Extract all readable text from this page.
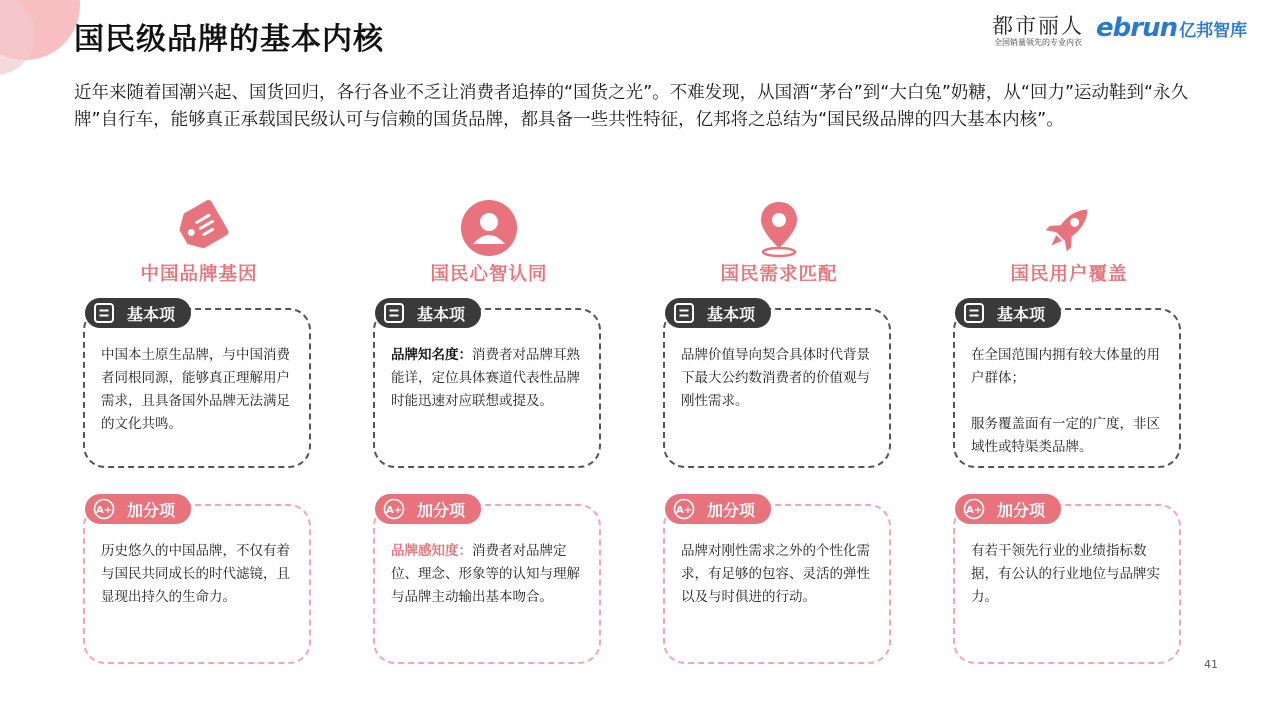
国民级品牌的基本内核	都市丽人
全国销量领先的专业内衣 ebrun 亿邦智库
近年来随着国潮兴起、国货回归，各行各业不乏让消费者追捧的“国货之光”。不难发现，从国酒“茅台”到“大白兔”奶糖，从“回力”运动鞋到“永久牌”自行车，能够真正承载国民级认可与信赖的国货品牌，都具备一些共性特征，亿邦将之总结为“国民级品牌的四大基本内核”。
中国品牌基因
基本项
中国本土原生品牌，与中国消费者同根同源，能够真正理解用户需求，且具备国外品牌无法满足的文化共鸣。
A+ 加分项
历史悠久的中国品牌，不仅有着与国民共同成长的时代滤镜，且显现出持久的生命力。
国民心智认同
基本项
品牌知名度：消费者对品牌耳熟能详，定位具体赛道代表性品牌时能迅速对应联想或提及。
A+ 加分项
品牌感知度：消费者对品牌定位、理念、形象等的认知与理解与品牌主动输出基本吻合。
国民需求匹配
基本项
品牌价值导向契合具体时代背景下最大公约数消费者的价值观与刚性需求。
A+ 加分项
品牌对刚性需求之外的个性化需求，有足够的包容、灵活的弹性以及与时俱进的行动。
国民用户覆盖
基本项
在全国范围内拥有较大体量的用户群体；
服务覆盖面有一定的广度，非区域性或特渠类品牌。
A+ 加分项
有若干领先行业的业绩指标数据，有公认的行业地位与品牌实力。
41
